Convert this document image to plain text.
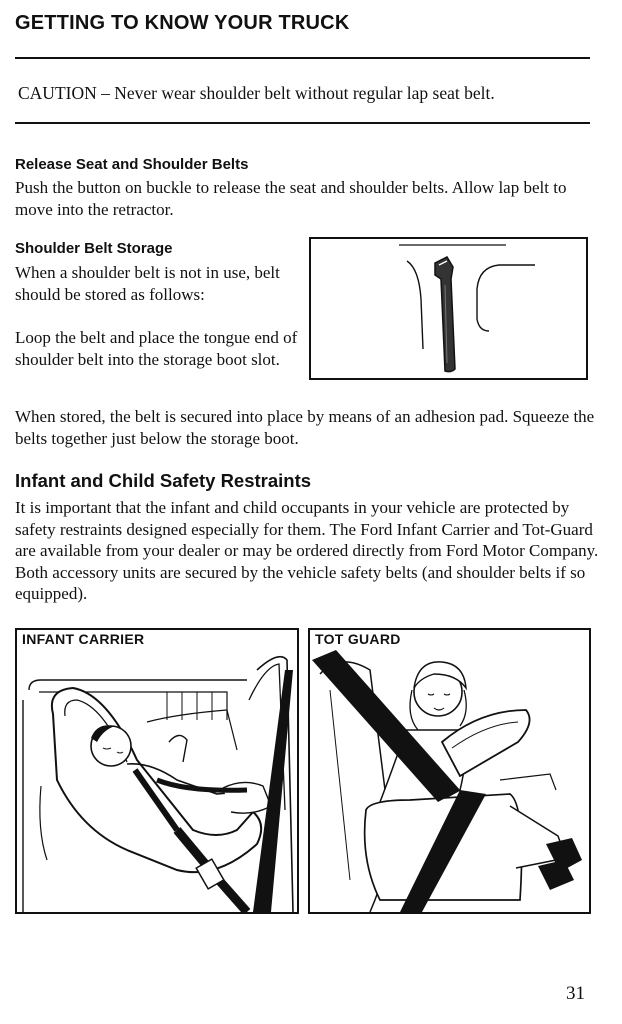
GETTING TO KNOW YOUR TRUCK
CAUTION – Never wear shoulder belt without regular lap seat belt.
Release Seat and Shoulder Belts

Push the button on buckle to release the seat and shoulder belts. Allow lap belt to move into the retractor.

Shoulder Belt Storage

When a shoulder belt is not in use, belt should be stored as follows:

Loop the belt and place the tongue end of shoulder belt into the storage boot slot.

When stored, the belt is secured into place by means of an adhesion pad. Squeeze the belts together just below the storage boot.

Infant and Child Safety Restraints

It is important that the infant and child occupants in your vehicle are protected by safety restraints designed especially for them. The Ford Infant Carrier and Tot-Guard are available from your dealer or may be ordered directly from Ford Motor Company. Both accessory units are secured by the vehicle safety belts (and shoulder belts if so equipped).

INFANT CARRIER	TOT GUARD
31
